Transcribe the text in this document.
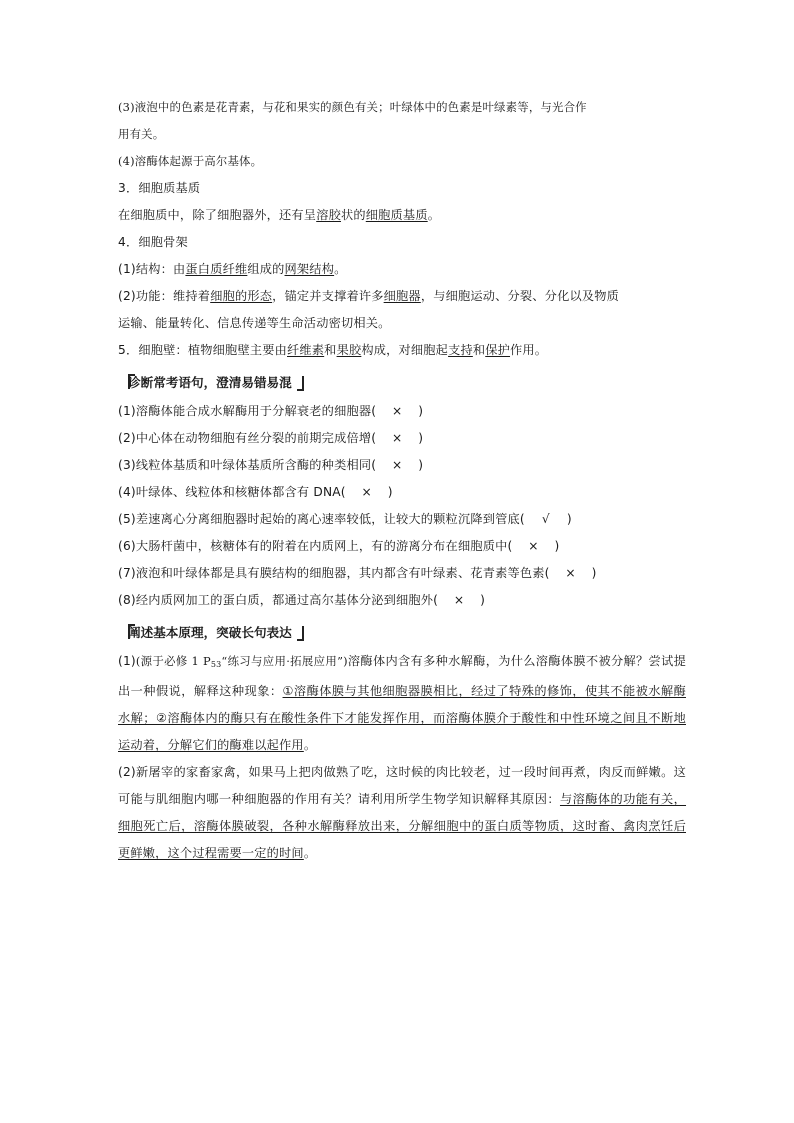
(3)液泡中的色素是花青素，与花和果实的颜色有关；叶绿体中的色素是叶绿素等，与光合作
用有关。
(4)溶酶体起源于高尔基体。
3．细胞质基质
在细胞质中，除了细胞器外，还有呈溶胶状的细胞质基质。
4．细胞骨架
(1)结构：由蛋白质纤维组成的网架结构。
(2)功能：维持着细胞的形态，锚定并支撑着许多细胞器，与细胞运动、分裂、分化以及物质
运输、能量转化、信息传递等生命活动密切相关。
5．细胞壁：植物细胞壁主要由纤维素和果胶构成，对细胞起支持和保护作用。
诊断常考语句，澄清易错易混
(1)溶酶体能合成水解酶用于分解衰老的细胞器( × )
(2)中心体在动物细胞有丝分裂的前期完成倍增( × )
(3)线粒体基质和叶绿体基质所含酶的种类相同( × )
(4)叶绿体、线粒体和核糖体都含有 DNA( × )
(5)差速离心分离细胞器时起始的离心速率较低，让较大的颗粒沉降到管底( √ )
(6)大肠杆菌中，核糖体有的附着在内质网上，有的游离分布在细胞质中( × )
(7)液泡和叶绿体都是具有膜结构的细胞器，其内都含有叶绿素、花青素等色素( × )
(8)经内质网加工的蛋白质，都通过高尔基体分泌到细胞外( × )
阐述基本原理，突破长句表达
(1)(源于必修 1 $P_{53}“$练习与应用·拓展应用”)溶酶体内含有多种水解酶，为什么溶酶体膜不被分解？尝试提出一种假说，解释这种现象：①溶酶体膜与其他细胞器膜相比，经过了特殊的修饰，使其不能被水解酶水解；②溶酶体内的酶只有在酸性条件下才能发挥作用，而溶酶体膜介于酸性和中性环境之间且不断地运动着，分解它们的酶难以起作用。
(2)新屠宰的家畜家禽，如果马上把肉做熟了吃，这时候的肉比较老，过一段时间再煮，肉反而鲜嫩。这可能与肌细胞内哪一种细胞器的作用有关？请利用所学生物学知识解释其原因：与溶酶体的功能有关，细胞死亡后，溶酶体膜破裂，各种水解酶释放出来，分解细胞中的蛋白质等物质，这时畜、禽肉烹饪后更鲜嫩，这个过程需要一定的时间。
